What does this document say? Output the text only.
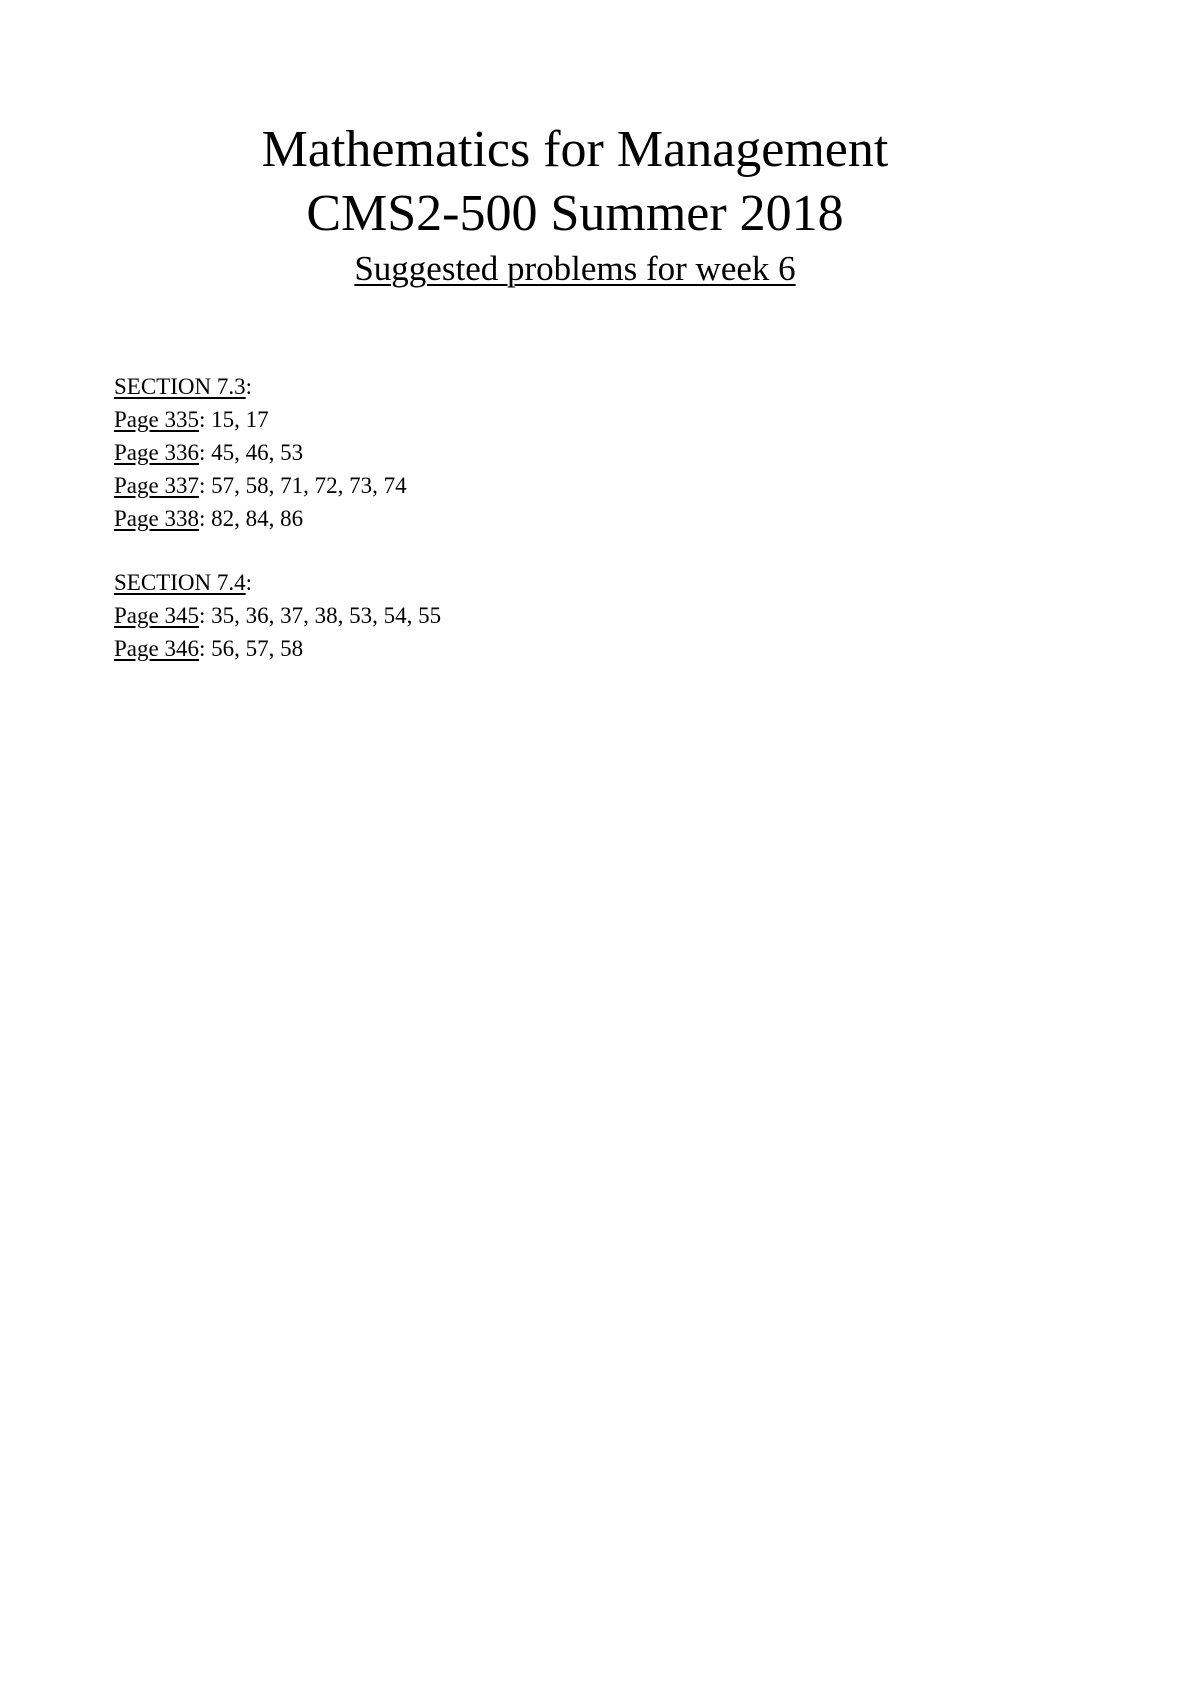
Mathematics for Management
CMS2-500 Summer 2018
Suggested problems for week 6
SECTION 7.3:
Page 335: 15, 17
Page 336: 45, 46, 53
Page 337: 57, 58, 71, 72, 73, 74
Page 338: 82, 84, 86
SECTION 7.4:
Page 345: 35, 36, 37, 38, 53, 54, 55
Page 346: 56, 57, 58
